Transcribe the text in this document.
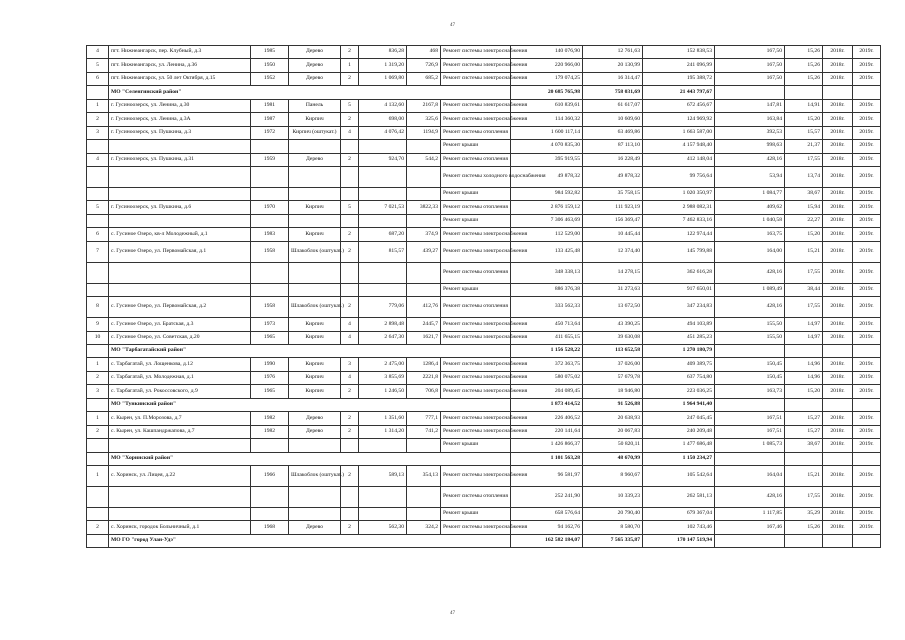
47
4	пгт. Нижнеангарск, пер. Клубный, д.3	1985	Дерево	2	836,28	468	Ремонт системы электроснабжения	140 076,90	12 761,63	152 838,53	167,50	15,26	2018г.	2019г.
5	пгт. Нижнеангарск, ул. Ленина, д.36	1950	Дерево	1	1 319,20	726,9	Ремонт системы электроснабжения	220 966,00	20 130,99	241 096,99	167,50	15,26	2018г.	2019г.
6	пгт. Нижнеангарск, ул. 50 лет Октября, д.15	1952	Дерево	2	1 069,80	685,2	Ремонт системы электроснабжения	179 074,25	16 314,47	195 388,72	167,50	15,26	2018г.	2019г.
	МО "Селенгинский район"							20 685 765,98	758 031,69	21 443 797,67				
1	г. Гусиноозерск, ул. Ленина, д.30	1981	Панель	5	4 132,60	2167,8	Ремонт системы электроснабжения	610 839,61	61 617,07	672 456,67	147,81	14,91	2018г.	2019г.
2	г. Гусиноозерск, ул. Ленина, д.3А	1987	Кирпич	2	698,00	325,6	Ремонт системы электроснабжения	114 360,32	10 609,60	124 969,92	163,84	15,20	2018г.	2019г.
3	г. Гусиноозерск, ул. Пушкина, д.3	1972	Кирпич (оштукат.)	4	4 076,42	1194,9	Ремонт системы отопления	1 600 117,14	63 469,86	1 663 587,00	392,53	15,57	2018г.	2019г.
							Ремонт крыши	4 070 835,30	87 113,10	4 157 948,40	998,63	21,37	2018г.	2019г.
4	г. Гусиноозерск, ул. Пушкина, д.31	1959	Дерево	2	924,70	544,2	Ремонт системы отопления	395 919,55	16 228,49	412 148,04	428,16	17,55	2018г.	2019г.
							Ремонт системы холодного водоснабжения	49 878,32	49 878,32	99 756,64	53,94	13,74	2018г.	2019г.
							Ремонт крыши	984 592,82	35 758,15	1 020 350,97	1 084,77	38,67	2018г.	2019г.
5	г. Гусиноозерск, ул. Пушкина, д.6	1970	Кирпич	5	7 021,53	3822,33	Ремонт системы отопления	2 876 159,12	111 923,19	2 988 082,31	409,62	15,94	2018г.	2019г.
							Ремонт крыши	7 306 463,69	156 369,47	7 462 833,16	1 040,58	22,27	2018г.	2019г.
6	с. Гусиное Озеро, кв-л Молодежный, д.1	1983	Кирпич	2	687,20	374,9	Ремонт системы электроснабжения	112 529,00	10 445,44	122 974,44	163,75	15,20	2018г.	2019г.
7	с. Гусиное Озеро, ул. Первомайская, д.1	1958	Шлакоблок (оштукат.)	2	815,57	439,27	Ремонт системы электроснабжения	133 425,48	12 374,40	145 799,88	164,00	15,21	2018г.	2019г.
							Ремонт системы отопления	348 338,13	14 278,15	362 616,28	428,16	17,55	2018г.	2019г.
							Ремонт крыши	886 376,38	31 273,63	917 650,01	1 089,49	38,44	2018г.	2019г.
8	с. Гусиное Озеро, ул. Первомайская, д.2	1958	Шлакоблок (оштукат.)	2	779,06	412,76	Ремонт системы отопления	333 562,33	13 672,50	347 234,83	428,16	17,55	2018г.	2019г.
9	с. Гусиное Озеро, ул. Братская, д.3	1973	Кирпич	4	2 898,48	2445,7	Ремонт системы электроснабжения	450 713,64	43 390,25	494 103,89	155,50	14,97	2018г.	2019г.
10	с. Гусиное Озеро, ул. Советская, д.20	1965	Кирпич	4	2 647,30	1621,7	Ремонт системы электроснабжения	411 655,15	39 630,08	451 285,23	155,50	14,97	2018г.	2019г.
	МО "Тарбагатайский район"							1 156 528,22	113 652,58	1 270 180,79				
1	с. Тарбагатай, ул. Лощенкова, д.12	1990	Кирпич	3	2 475,00	1286,4	Ремонт системы электроснабжения	372 363,75	37 026,00	409 389,75	150,45	14,96	2018г.	2019г.
2	с. Тарбагатай, ул. Молодежная, д.1	1976	Кирпич	4	3 855,69	2221,8	Ремонт системы электроснабжения	580 075,02	57 679,78	637 754,80	150,45	14,96	2018г.	2019г.
3	с. Тарбагатай, ул. Рокоссовского, д.9	1965	Кирпич	2	1 246,50	706,8	Ремонт системы электроснабжения	204 089,45	18 946,80	223 036,25	163,73	15,20	2018г.	2019г.
	МО "Тункинский район"							1 873 414,52	91 526,88	1 964 941,40				
1	с. Кырен, ул. П.Морозова, д.7	1982	Дерево	2	1 351,60	777,1	Ремонт системы электроснабжения	226 406,52	20 638,93	247 045,45	167,51	15,27	2018г.	2019г.
2	с. Кырен, ул. Кашпандржапова, д.7	1982	Дерево	2	1 314,20	741,2	Ремонт системы электроснабжения	220 141,64	20 067,83	240 209,48	167,51	15,27	2018г.	2019г.
							Ремонт крыши	1 426 866,37	50 820,11	1 477 686,48	1 085,73	38,67	2018г.	2019г.
	МО "Хоринский район"							1 101 563,28	48 670,99	1 150 234,27				
1	с. Хоринск, ул. Лицея, д.22	1966	Шлакоблок (оштукат.)	2	589,13	354,13	Ремонт системы электроснабжения	96 581,97	8 960,67	105 542,64	164,04	15,21	2018г.	2019г.
							Ремонт системы отопления	252 241,90	10 339,23	262 581,13	428,16	17,55	2018г.	2019г.
							Ремонт крыши	658 576,64	20 790,40	679 367,04	1 117,85	35,29	2018г.	2019г.
2	с. Хоринск, городок Больничный, д.1	1968	Дерево	2	562,30	324,2	Ремонт системы электроснабжения	94 162,76	8 580,70	102 743,46	167,46	15,26	2018г.	2019г.
	МО ГО "город Улан-Удэ"							162 582 184,07	7 565 335,87	170 147 519,94				
47
